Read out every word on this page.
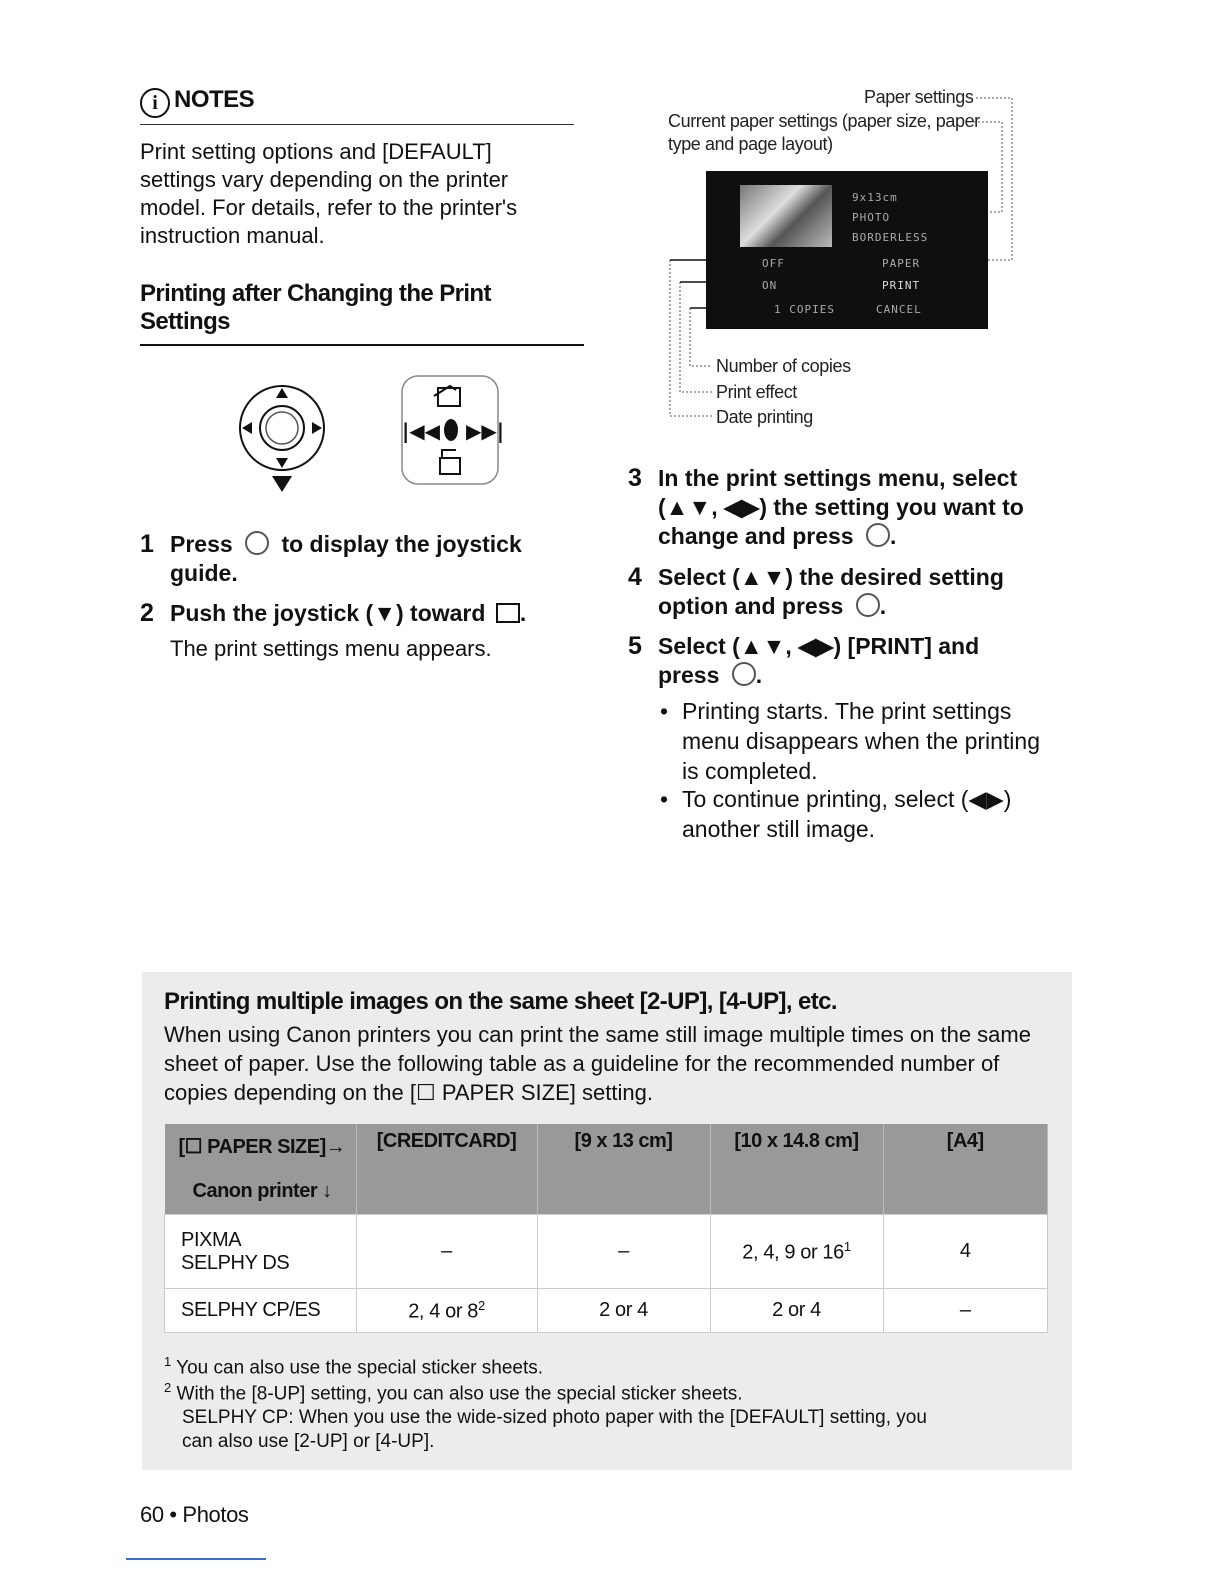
i NOTES
Print setting options and [DEFAULT] settings vary depending on the printer model. For details, refer to the printer's instruction manual.
Printing after Changing the Print Settings
|◀◀ ▶▶|
1 Press to display the joystick
guide.
2 Push the joystick (▼) toward .
The print settings menu appears.
Paper settings
Current paper settings (paper size, paper
type and page layout)
9x13cm
PHOTO
BORDERLESS
OFF
ON
1 COPIES
PAPER
PRINT
CANCEL
Number of copies
Print effect
Date printing
3 In the print settings menu, select
(▲▼, ◀▶) the setting you want to
change and press .
4 Select (▲▼) the desired setting
option and press .
5 Select (▲▼, ◀▶) [PRINT] and
press .
• Printing starts. The print settings
menu disappears when the printing
is completed.
• To continue printing, select (◀▶)
another still image.
Printing multiple images on the same sheet [2-UP], [4-UP], etc.
When using Canon printers you can print the same still image multiple times on the same sheet of paper. Use the following table as a guideline for the recommended number of copies depending on the [☐ PAPER SIZE] setting.
[☐ PAPER SIZE]→
Canon printer ↓	[CREDITCARD]	[9 x 13 cm]	[10 x 14.8 cm]	[A4]
PIXMA
SELPHY DS	–	–	2, 4, 9 or $16^1$	4
SELPHY CP/ES	2, 4 or $8^2$	2 or 4	2 or 4	–
$^1$ You can also use the special sticker sheets.
$^2$ With the [8-UP] setting, you can also use the special sticker sheets.
SELPHY CP: When you use the wide-sized photo paper with the [DEFAULT] setting, you
can also use [2-UP] or [4-UP].
60 • Photos
